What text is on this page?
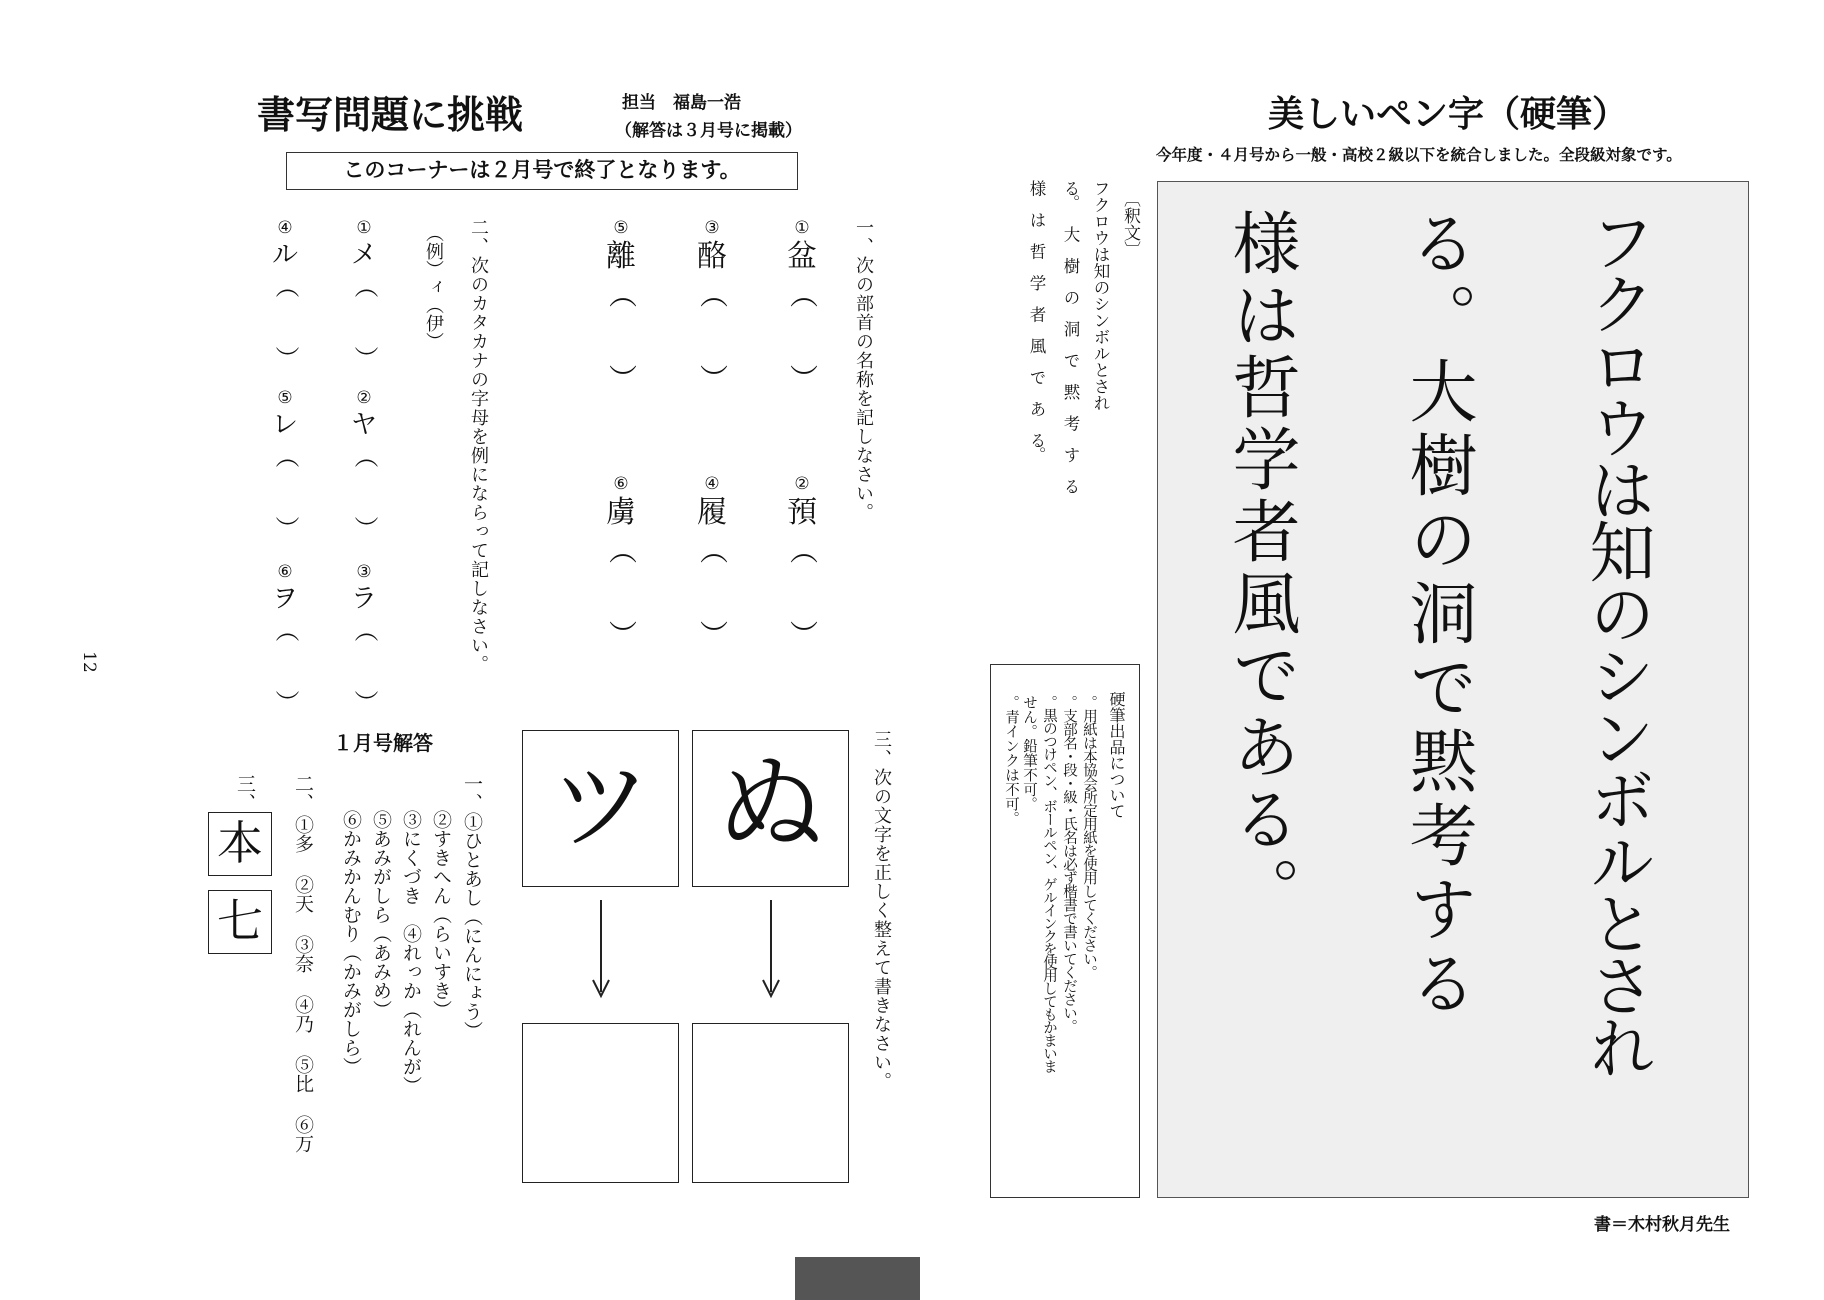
書写問題に挑戦	担当　福島一浩
（解答は３月号に掲載）
このコーナーは２月号で終了となります。
12
一、次の部首の名称を記しなさい。
①
盆
（　　）
②
預
（　　）
③
酪
（　　）
④
履
（　　）
⑤
離
（　　）
⑥
虜
（　　）
二、次のカタカナの字母を例にならって記しなさい。
（例）ィ（伊）
①
メ
（　　）
②
ヤ
（　　）
③
ラ
（　　）
④
ル
（　　）
⑤
レ
（　　）
⑥
ヲ
（　　）
三、次の文字を正しく整えて書きなさい。
ぬ
ツ
１月号解答
一、①ひとあし（にんにょう）
②すきへん（らいすき）
③にくづき　④れっか（れんが）
⑤あみがしら（あみめ）
⑥かみかんむり（かみがしら）
二、
①多
②天
③奈
④乃
⑤比
⑥万
三、
本
七
美しいペン字（硬筆）
今年度・４月号から一般・高校２級以下を統合しました。全段級対象です。
〔釈文〕
フクロウは知のシンボルとされ
る。 大 樹 の 洞 で 黙 考 す る
様 は 哲 学 者 風 で あ る。
硬筆出品について
。用紙は本協会所定用紙を使用してください。
。支部名・段・級・氏名は必ず楷書で書いてください。
。黒のつけペン、ボールペン、ゲルインクを使用してもかまいま
せん。鉛筆不可。
。青インクは不可。	フクロウは知のシンボルとされ
る。大樹の洞で黙考する
様は哲学者風である。
書＝木村秋月先生
